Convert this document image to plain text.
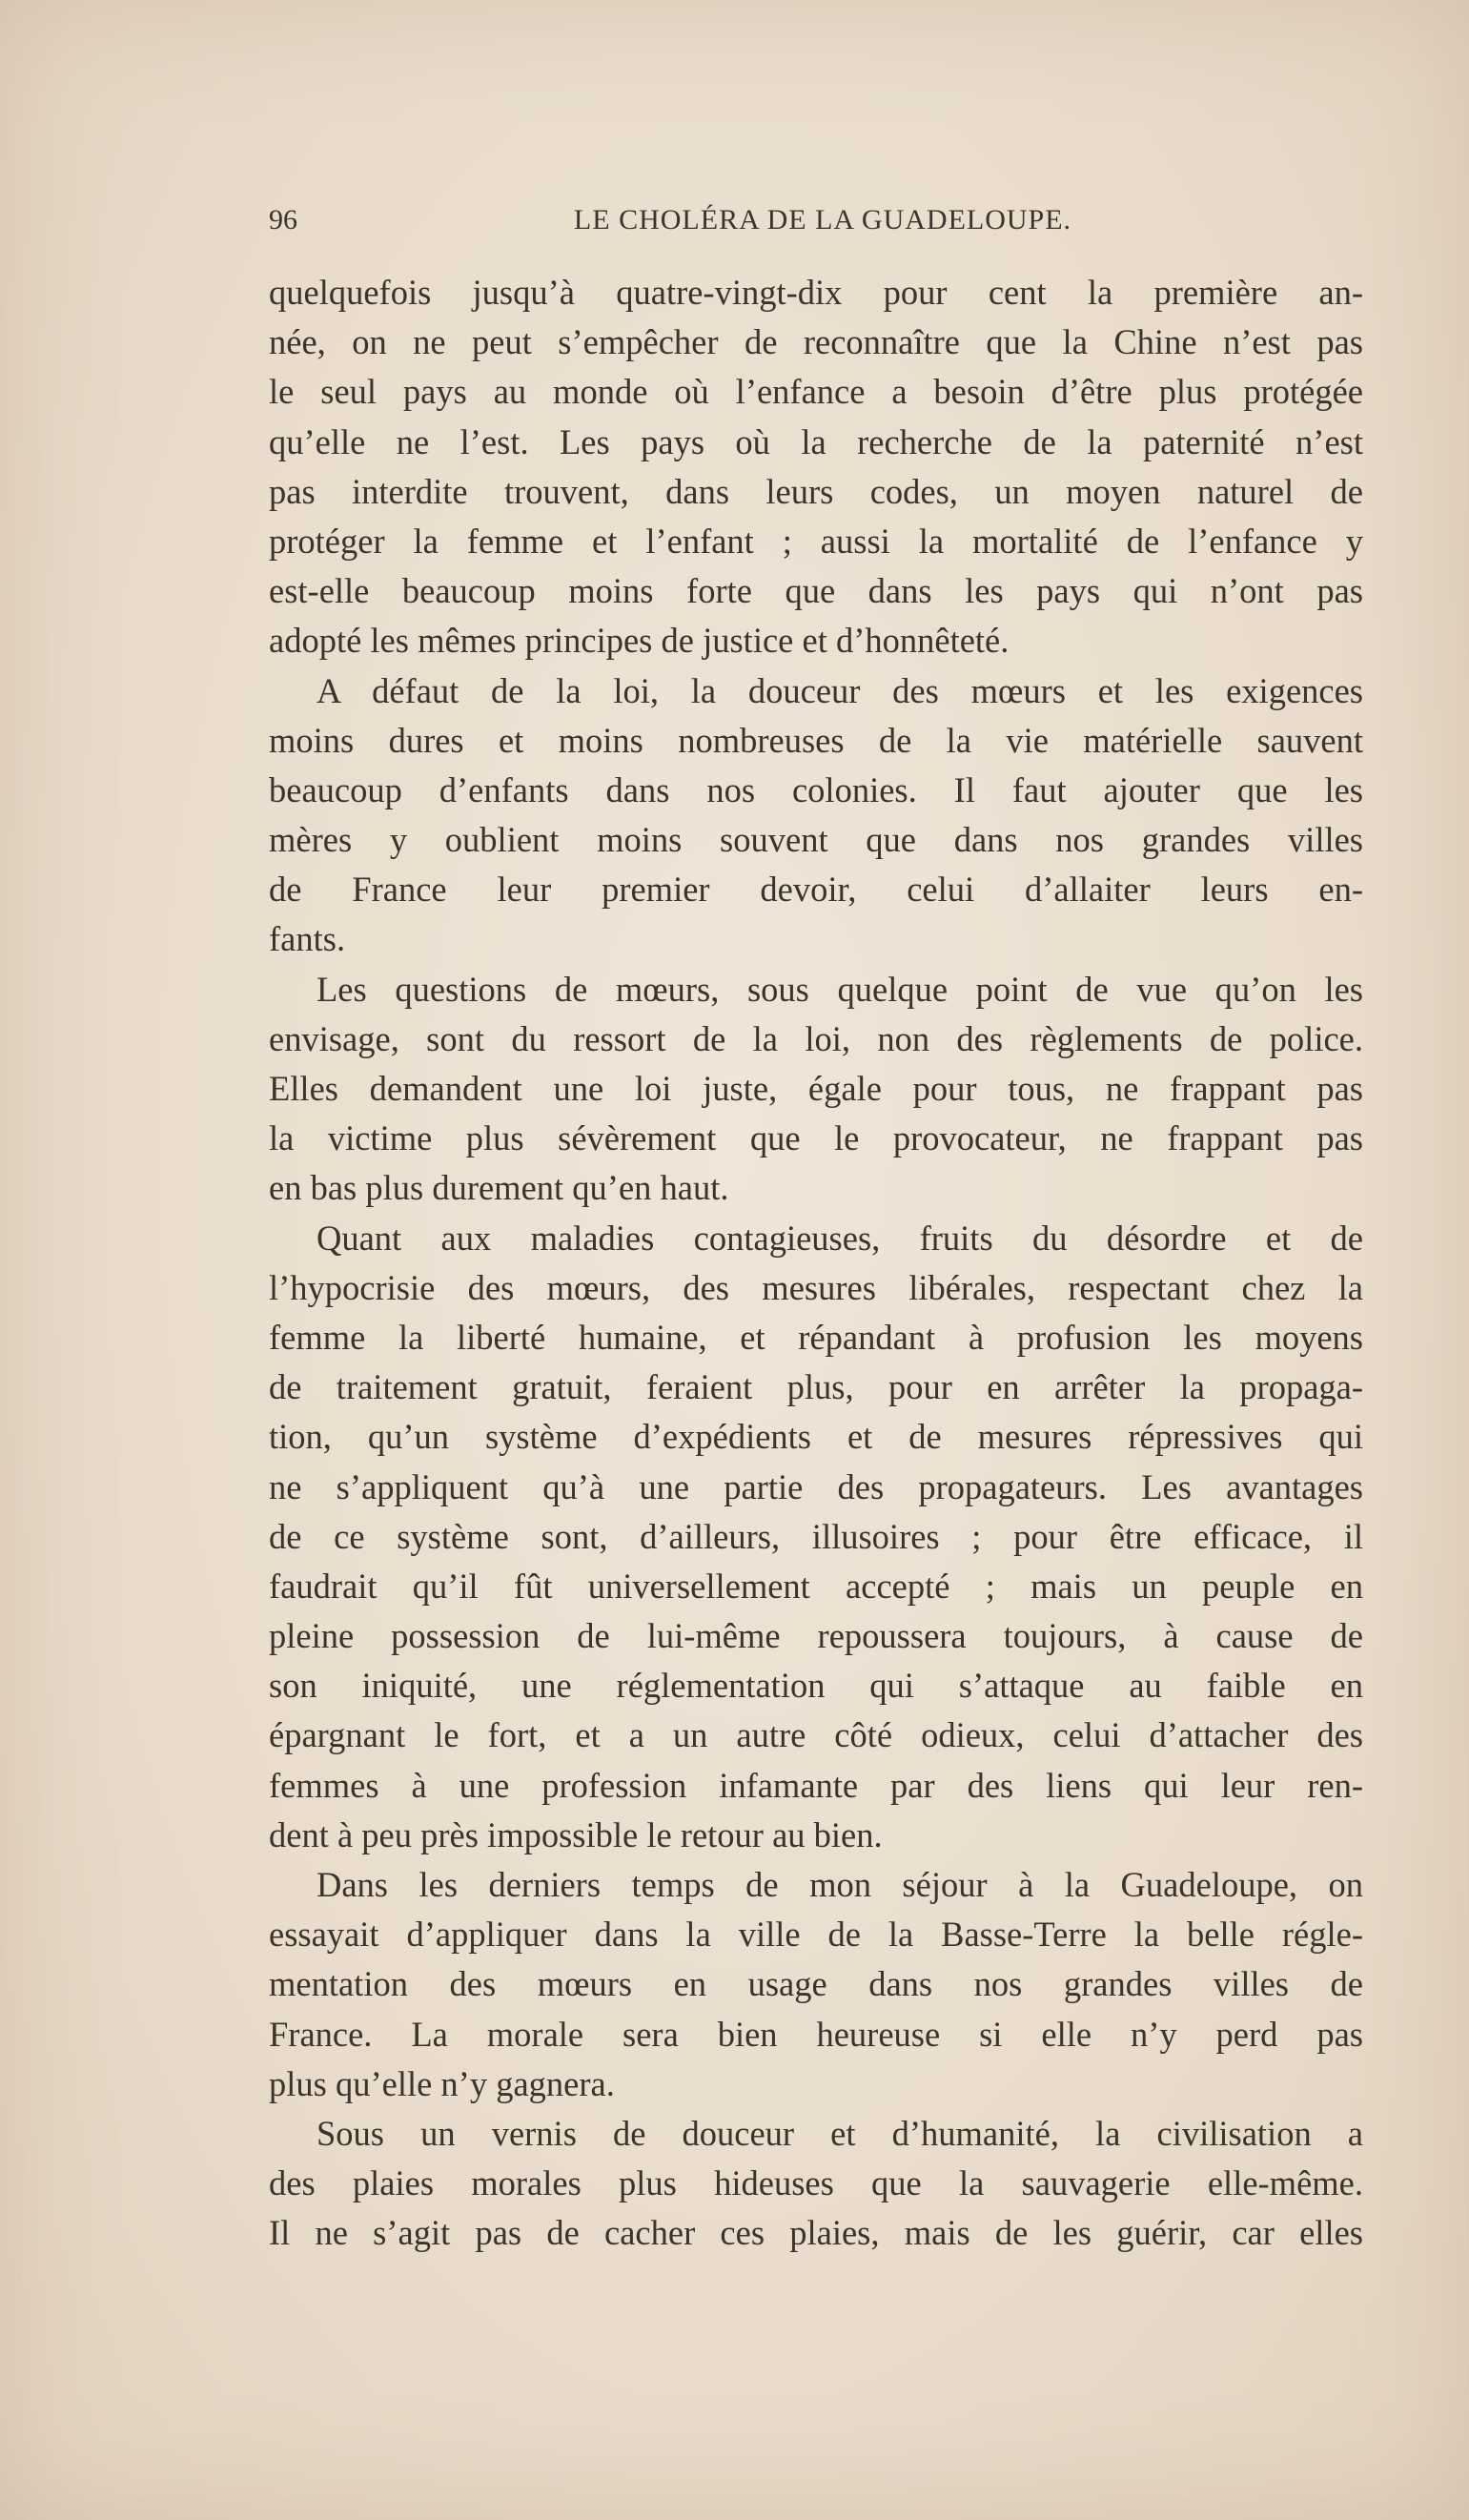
96	LE CHOLÉRA DE LA GUADELOUPE.
quelquefois jusqu’à quatre-vingt-dix pour cent la première an-
née, on ne peut s’empêcher de reconnaître que la Chine n’est pas
le seul pays au monde où l’enfance a besoin d’être plus protégée
qu’elle ne l’est. Les pays où la recherche de la paternité n’est
pas interdite trouvent, dans leurs codes, un moyen naturel de
protéger la femme et l’enfant ; aussi la mortalité de l’enfance y
est-elle beaucoup moins forte que dans les pays qui n’ont pas
adopté les mêmes principes de justice et d’honnêteté.
A défaut de la loi, la douceur des mœurs et les exigences
moins dures et moins nombreuses de la vie matérielle sauvent
beaucoup d’enfants dans nos colonies. Il faut ajouter que les
mères y oublient moins souvent que dans nos grandes villes
de France leur premier devoir, celui d’allaiter leurs en-
fants.
Les questions de mœurs, sous quelque point de vue qu’on les
envisage, sont du ressort de la loi, non des règlements de police.
Elles demandent une loi juste, égale pour tous, ne frappant pas
la victime plus sévèrement que le provocateur, ne frappant pas
en bas plus durement qu’en haut.
Quant aux maladies contagieuses, fruits du désordre et de
l’hypocrisie des mœurs, des mesures libérales, respectant chez la
femme la liberté humaine, et répandant à profusion les moyens
de traitement gratuit, feraient plus, pour en arrêter la propaga-
tion, qu’un système d’expédients et de mesures répressives qui
ne s’appliquent qu’à une partie des propagateurs. Les avantages
de ce système sont, d’ailleurs, illusoires ; pour être efficace, il
faudrait qu’il fût universellement accepté ; mais un peuple en
pleine possession de lui-même repoussera toujours, à cause de
son iniquité, une réglementation qui s’attaque au faible en
épargnant le fort, et a un autre côté odieux, celui d’attacher des
femmes à une profession infamante par des liens qui leur ren-
dent à peu près impossible le retour au bien.
Dans les derniers temps de mon séjour à la Guadeloupe, on
essayait d’appliquer dans la ville de la Basse-Terre la belle régle-
mentation des mœurs en usage dans nos grandes villes de
France. La morale sera bien heureuse si elle n’y perd pas
plus qu’elle n’y gagnera.
Sous un vernis de douceur et d’humanité, la civilisation a
des plaies morales plus hideuses que la sauvagerie elle-même.
Il ne s’agit pas de cacher ces plaies, mais de les guérir, car elles
